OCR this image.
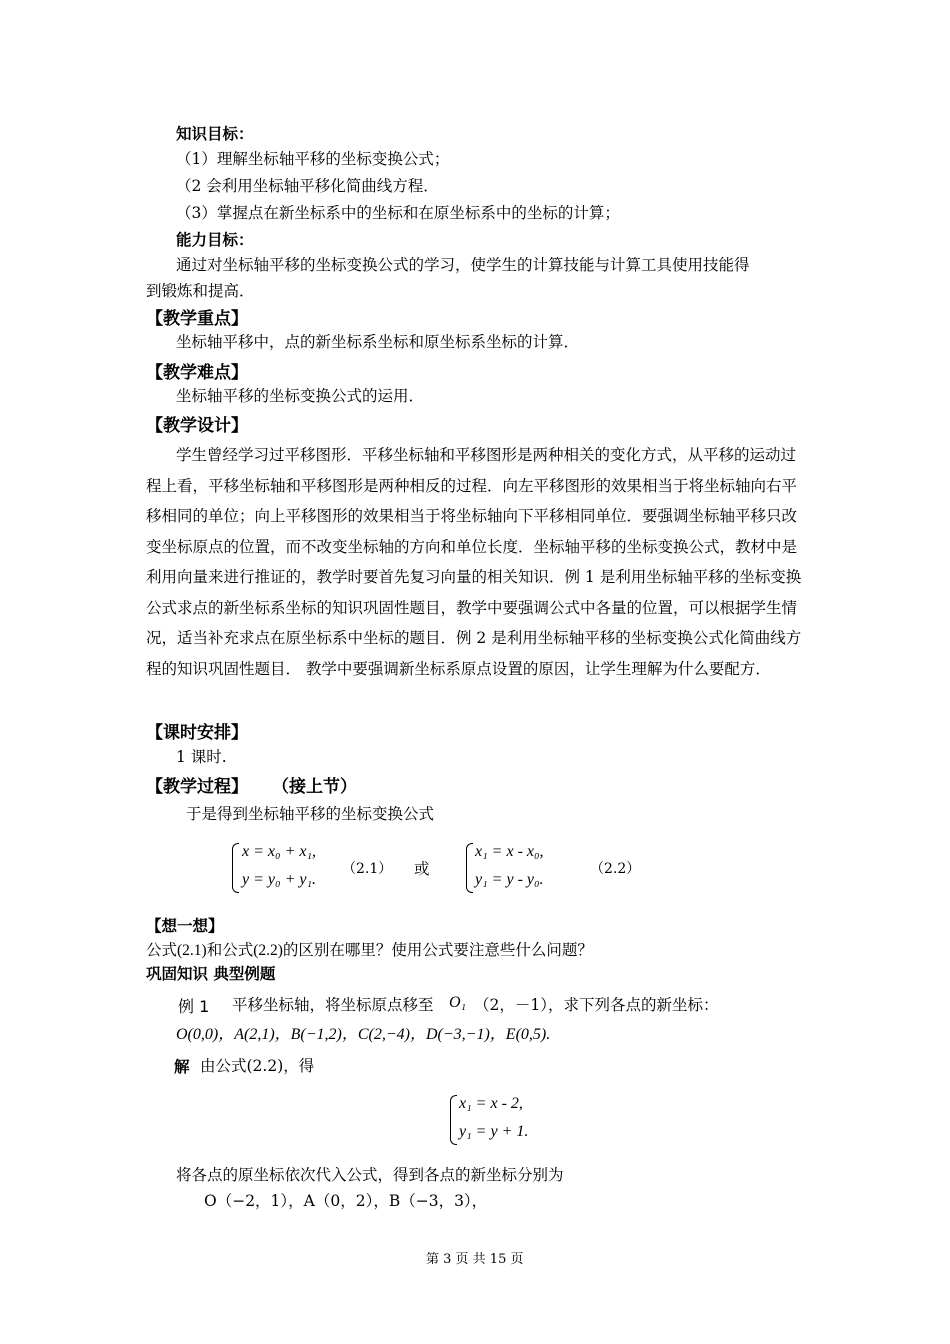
知识目标：
（1）理解坐标轴平移的坐标变换公式；
（2 会利用坐标轴平移化简曲线方程．
（3）掌握点在新坐标系中的坐标和在原坐标系中的坐标的计算；
能力目标：
通过对坐标轴平移的坐标变换公式的学习，使学生的计算技能与计算工具使用技能得
到锻炼和提高．
【教学重点】
坐标轴平移中，点的新坐标系坐标和原坐标系坐标的计算．
【教学难点】
坐标轴平移的坐标变换公式的运用．
【教学设计】
学生曾经学习过平移图形．平移坐标轴和平移图形是两种相关的变化方式，从平移的运动过程上看，平移坐标轴和平移图形是两种相反的过程．向左平移图形的效果相当于将坐标轴向右平移相同的单位；向上平移图形的效果相当于将坐标轴向下平移相同单位．要强调坐标轴平移只改变坐标原点的位置，而不改变坐标轴的方向和单位长度．坐标轴平移的坐标变换公式，教材中是利用向量来进行推证的，教学时要首先复习向量的相关知识．例 1 是利用坐标轴平移的坐标变换公式求点的新坐标系坐标的知识巩固性题目，教学中要强调公式中各量的位置，可以根据学生情况，适当补充求点在原坐标系中坐标的题目．例 2 是利用坐标轴平移的坐标变换公式化简曲线方程的知识巩固性题目． 教学中要强调新坐标系原点设置的原因，让学生理解为什么要配方．
【课时安排】
1 课时.
【教学过程】 （接上节）
于是得到坐标轴平移的坐标变换公式
x = x₀ + x₁,
y = y₀ + y₁.
（2.1） 或
x₁ = x - x₀,
y₁ = y - y₀.
（2.2）
【想一想】
公式(2.1)和公式(2.2)的区别在哪里？使用公式要注意些什么问题？
巩固知识 典型例题
例 1 平移坐标轴，将坐标原点移至 O₁ （2，－1），求下列各点的新坐标：
O(0,0)，A(2,1)，B(−1,2)，C(2,−4)，D(−3,−1)，E(0,5).
解 由公式(2.2)，得
x₁ = x - 2,
y₁ = y + 1.
将各点的原坐标依次代入公式，得到各点的新坐标分别为
O（−2，1），A（0，2），B（−3，3），
第 3 页 共 15 页
